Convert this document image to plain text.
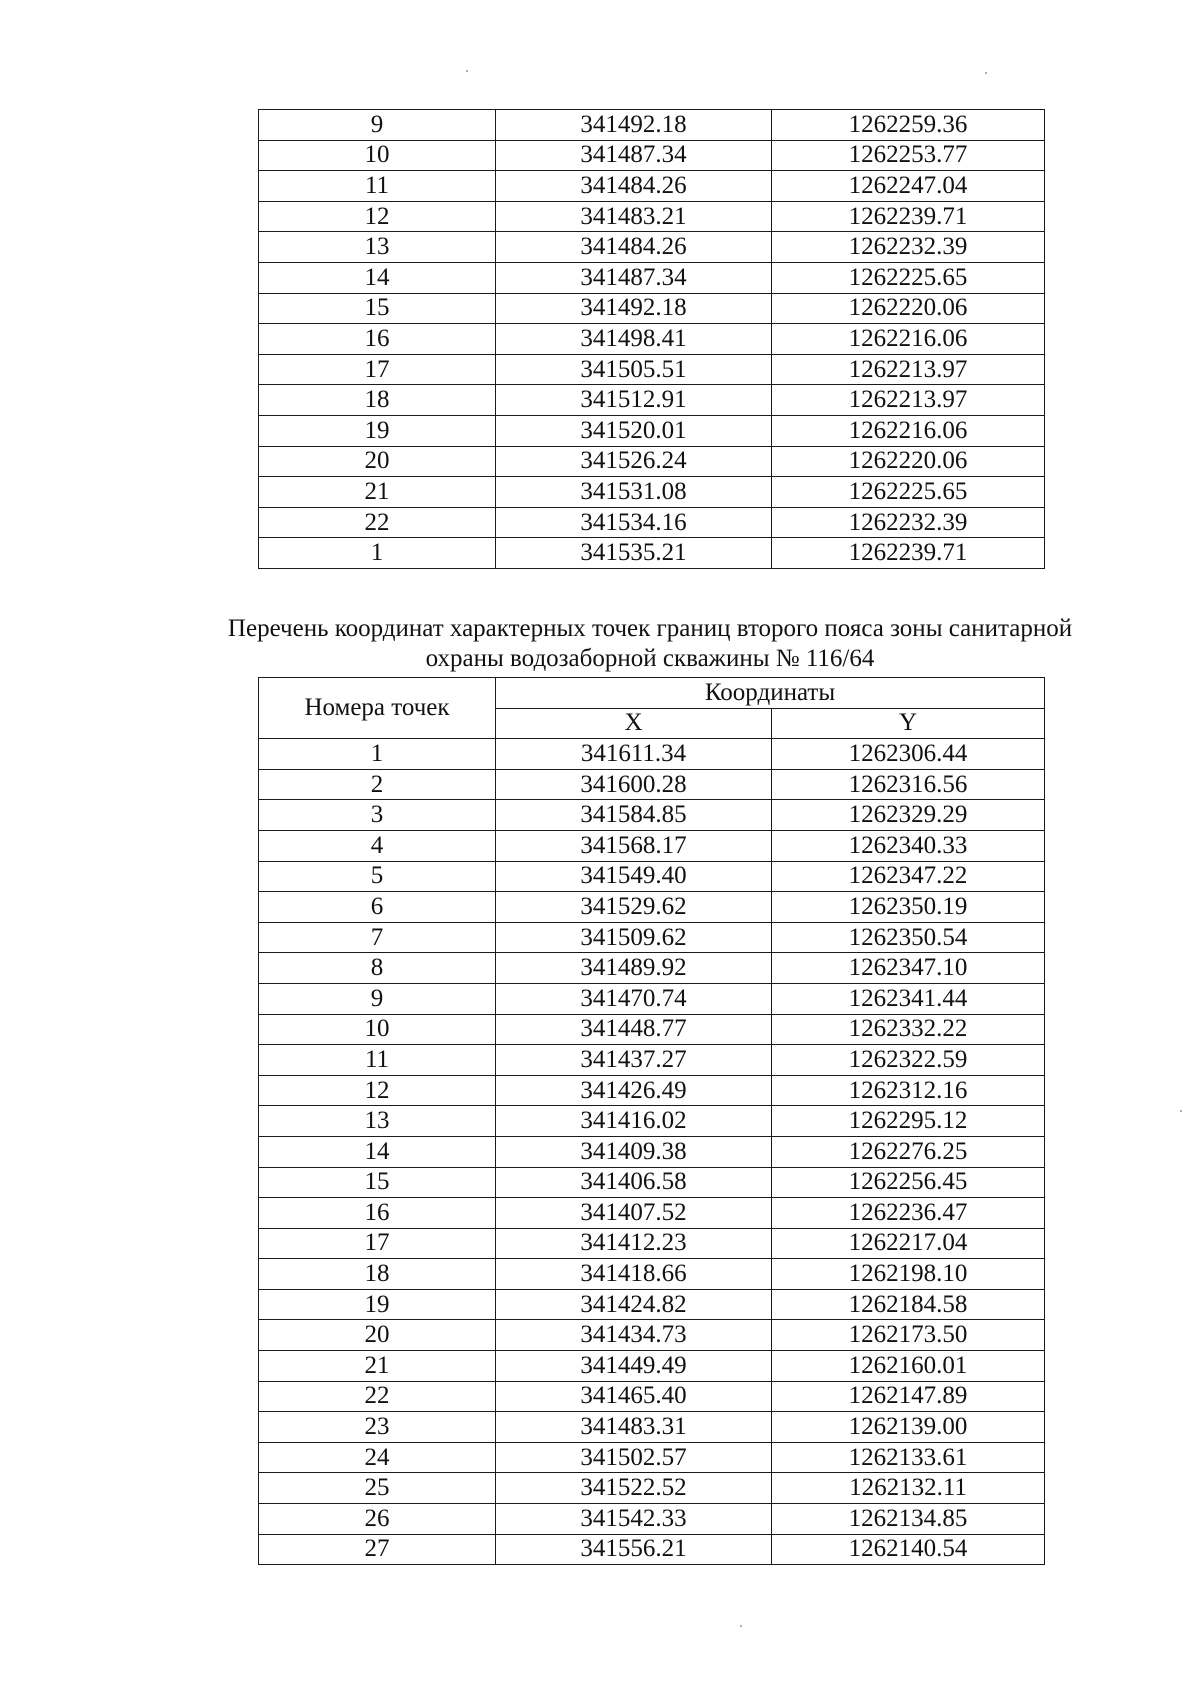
9	341492.18	1262259.36
10	341487.34	1262253.77
11	341484.26	1262247.04
12	341483.21	1262239.71
13	341484.26	1262232.39
14	341487.34	1262225.65
15	341492.18	1262220.06
16	341498.41	1262216.06
17	341505.51	1262213.97
18	341512.91	1262213.97
19	341520.01	1262216.06
20	341526.24	1262220.06
21	341531.08	1262225.65
22	341534.16	1262232.39
1	341535.21	1262239.71
Перечень координат характерных точек границ второго пояса зоны санитарной
охраны водозаборной скважины № 116/64
Номера точек	Координаты	
	X	Y
1	341611.34	1262306.44
2	341600.28	1262316.56
3	341584.85	1262329.29
4	341568.17	1262340.33
5	341549.40	1262347.22
6	341529.62	1262350.19
7	341509.62	1262350.54
8	341489.92	1262347.10
9	341470.74	1262341.44
10	341448.77	1262332.22
11	341437.27	1262322.59
12	341426.49	1262312.16
13	341416.02	1262295.12
14	341409.38	1262276.25
15	341406.58	1262256.45
16	341407.52	1262236.47
17	341412.23	1262217.04
18	341418.66	1262198.10
19	341424.82	1262184.58
20	341434.73	1262173.50
21	341449.49	1262160.01
22	341465.40	1262147.89
23	341483.31	1262139.00
24	341502.57	1262133.61
25	341522.52	1262132.11
26	341542.33	1262134.85
27	341556.21	1262140.54
